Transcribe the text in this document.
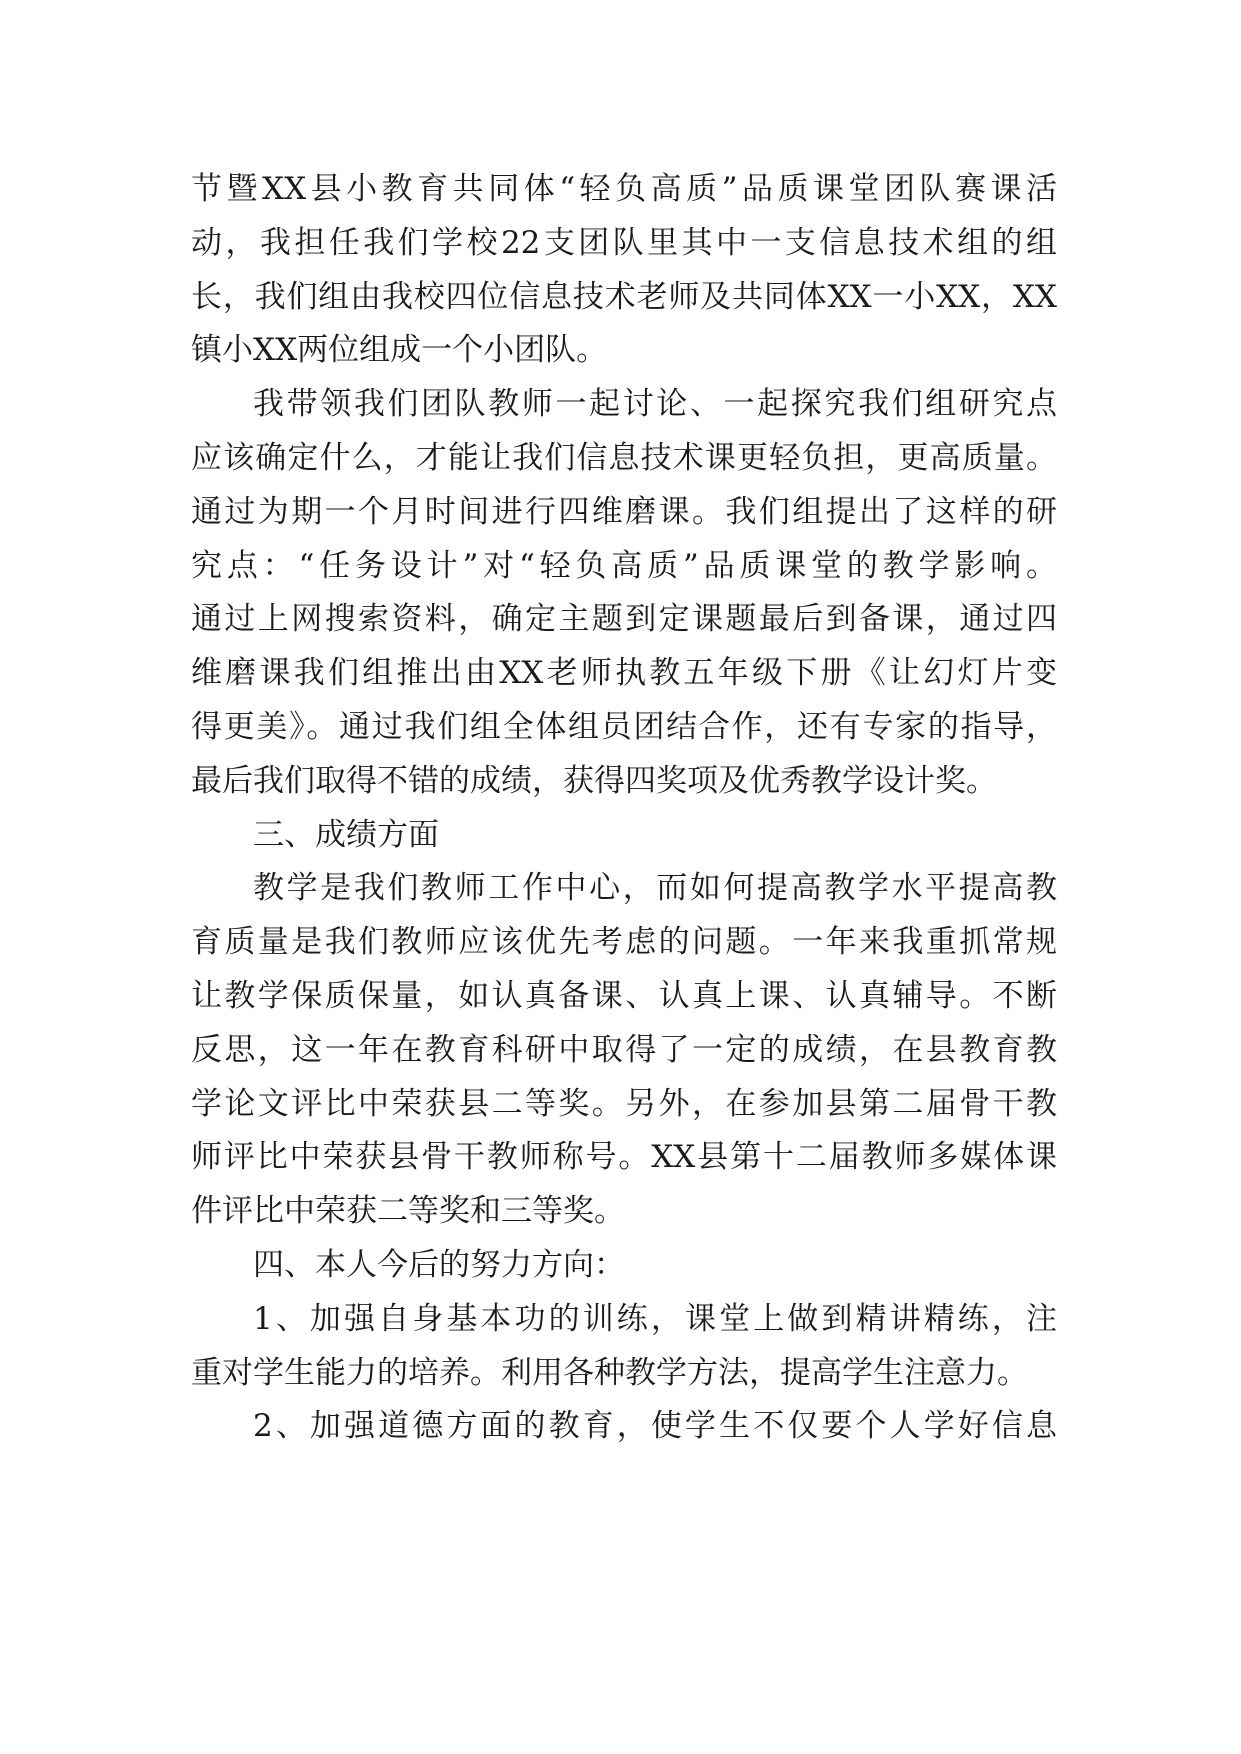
节暨XX县小教育共同体“轻负高质”品质课堂团队赛课活
动，我担任我们学校22支团队里其中一支信息技术组的组
长，我们组由我校四位信息技术老师及共同体XX一小XX，XX
镇小XX两位组成一个小团队。
我带领我们团队教师一起讨论、一起探究我们组研究点
应该确定什么，才能让我们信息技术课更轻负担，更高质量。
通过为期一个月时间进行四维磨课。我们组提出了这样的研
究点：“任务设计”对“轻负高质”品质课堂的教学影响。
通过上网搜索资料，确定主题到定课题最后到备课，通过四
维磨课我们组推出由XX老师执教五年级下册《让幻灯片变
得更美》。通过我们组全体组员团结合作，还有专家的指导，
最后我们取得不错的成绩，获得四奖项及优秀教学设计奖。
三、成绩方面
教学是我们教师工作中心，而如何提高教学水平提高教
育质量是我们教师应该优先考虑的问题。一年来我重抓常规
让教学保质保量，如认真备课、认真上课、认真辅导。不断
反思，这一年在教育科研中取得了一定的成绩，在县教育教
学论文评比中荣获县二等奖。另外，在参加县第二届骨干教
师评比中荣获县骨干教师称号。XX县第十二届教师多媒体课
件评比中荣获二等奖和三等奖。
四、本人今后的努力方向：
1、加强自身基本功的训练，课堂上做到精讲精练，注
重对学生能力的培养。利用各种教学方法，提高学生注意力。
2、加强道德方面的教育，使学生不仅要个人学好信息
